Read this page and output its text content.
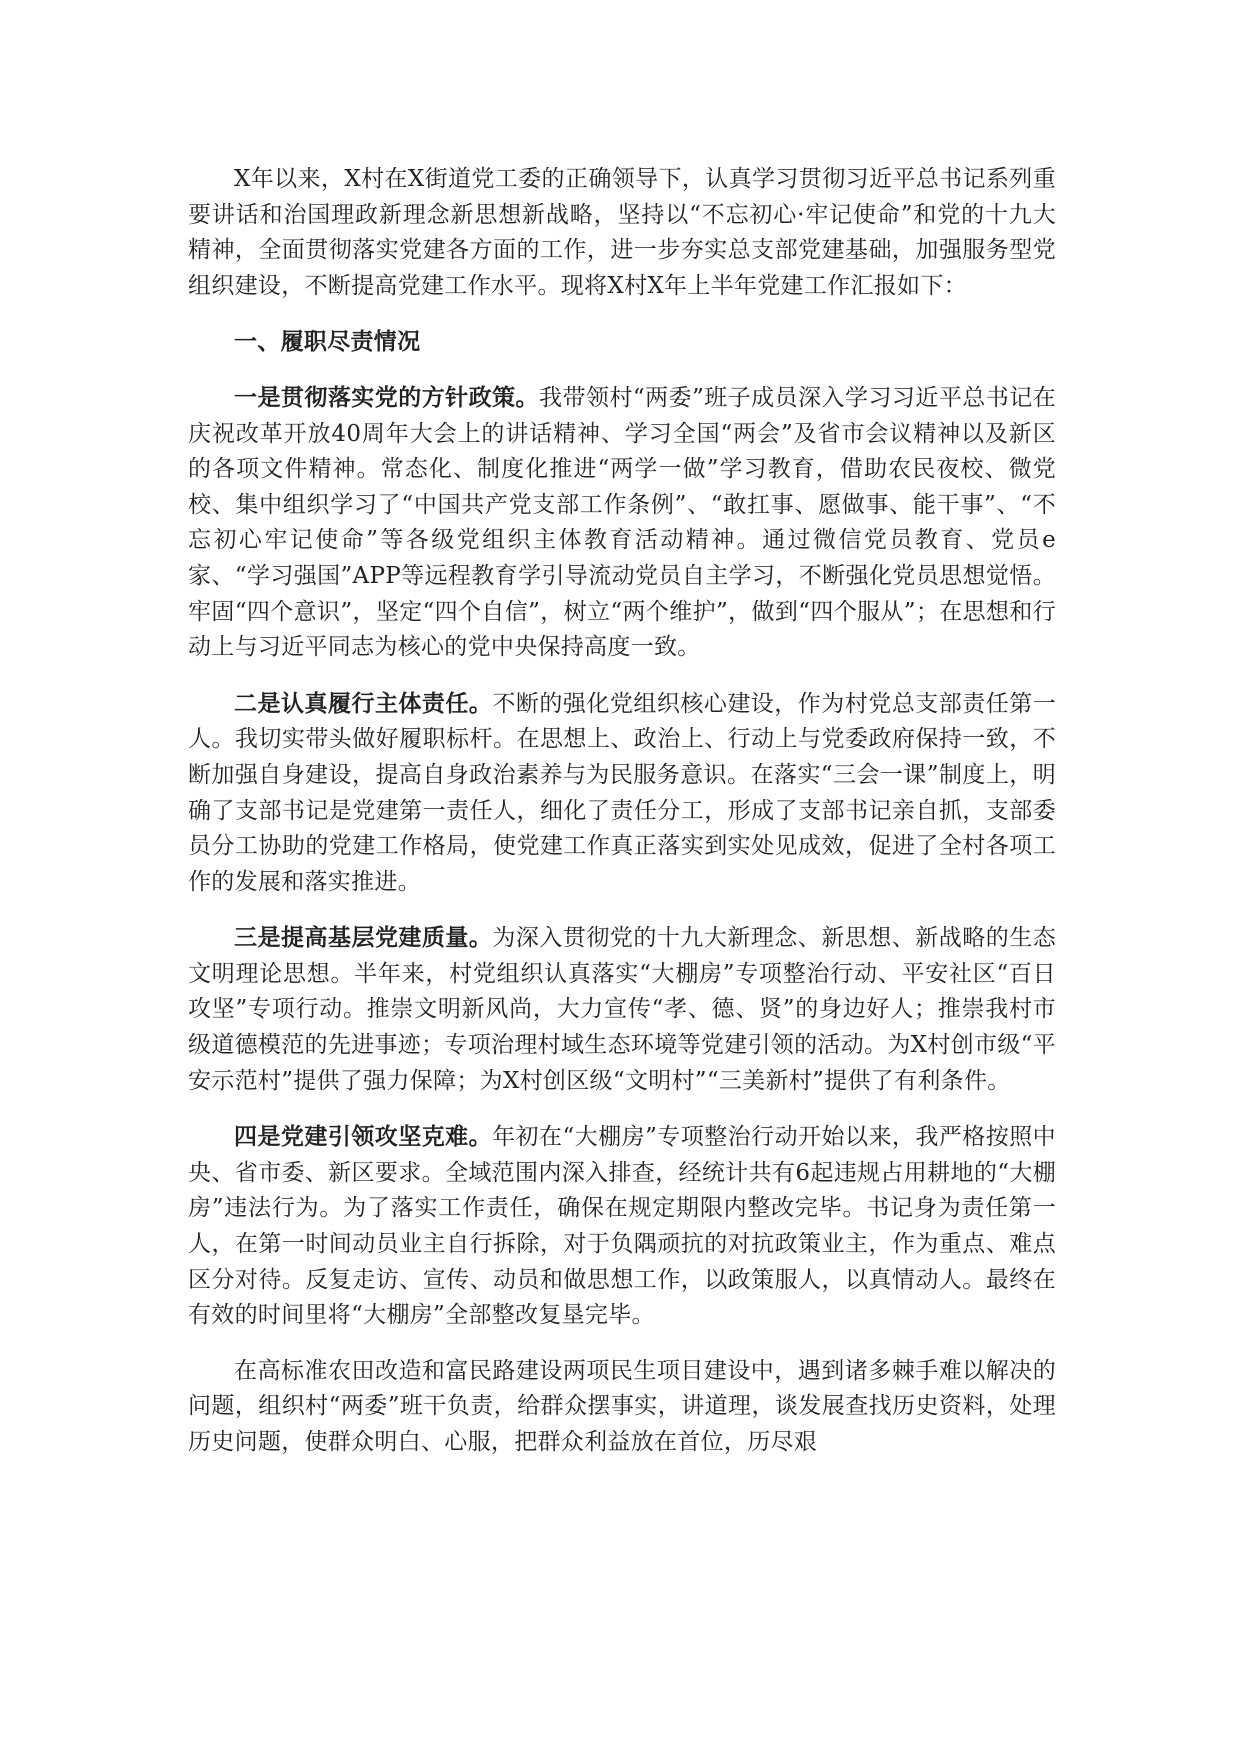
X年以来，X村在X街道党工委的正确领导下，认真学习贯彻习近平总书记系列重要讲话和治国理政新理念新思想新战略，坚持以“不忘初心·牢记使命”和党的十九大精神，全面贯彻落实党建各方面的工作，进一步夯实总支部党建基础，加强服务型党组织建设，不断提高党建工作水平。现将X村X年上半年党建工作汇报如下：

一、履职尽责情况

一是贯彻落实党的方针政策。我带领村“两委”班子成员深入学习习近平总书记在庆祝改革开放40周年大会上的讲话精神、学习全国“两会”及省市会议精神以及新区的各项文件精神。常态化、制度化推进“两学一做”学习教育，借助农民夜校、微党校、集中组织学习了“中国共产党支部工作条例”、“敢扛事、愿做事、能干事”、“不忘初心牢记使命”等各级党组织主体教育活动精神。通过微信党员教育、党员e家、“学习强国”APP等远程教育学引导流动党员自主学习，不断强化党员思想觉悟。牢固“四个意识”，坚定“四个自信”，树立“两个维护”，做到“四个服从”；在思想和行动上与习近平同志为核心的党中央保持高度一致。

二是认真履行主体责任。不断的强化党组织核心建设，作为村党总支部责任第一人。我切实带头做好履职标杆。在思想上、政治上、行动上与党委政府保持一致，不断加强自身建设，提高自身政治素养与为民服务意识。在落实“三会一课”制度上，明确了支部书记是党建第一责任人，细化了责任分工，形成了支部书记亲自抓，支部委员分工协助的党建工作格局，使党建工作真正落实到实处见成效，促进了全村各项工作的发展和落实推进。

三是提高基层党建质量。为深入贯彻党的十九大新理念、新思想、新战略的生态文明理论思想。半年来，村党组织认真落实“大棚房”专项整治行动、平安社区“百日攻坚”专项行动。推崇文明新风尚，大力宣传“孝、德、贤”的身边好人；推崇我村市级道德模范的先进事迹；专项治理村域生态环境等党建引领的活动。为X村创市级“平安示范村”提供了强力保障；为X村创区级“文明村”“三美新村”提供了有利条件。

四是党建引领攻坚克难。年初在“大棚房”专项整治行动开始以来，我严格按照中央、省市委、新区要求。全域范围内深入排查，经统计共有6起违规占用耕地的“大棚房”违法行为。为了落实工作责任，确保在规定期限内整改完毕。书记身为责任第一人，在第一时间动员业主自行拆除，对于负隅顽抗的对抗政策业主，作为重点、难点区分对待。反复走访、宣传、动员和做思想工作，以政策服人，以真情动人。最终在有效的时间里将“大棚房”全部整改复垦完毕。

在高标准农田改造和富民路建设两项民生项目建设中，遇到诸多棘手难以解决的问题，组织村“两委”班干负责，给群众摆事实，讲道理，谈发展查找历史资料，处理历史问题，使群众明白、心服，把群众利益放在首位，历尽艰
